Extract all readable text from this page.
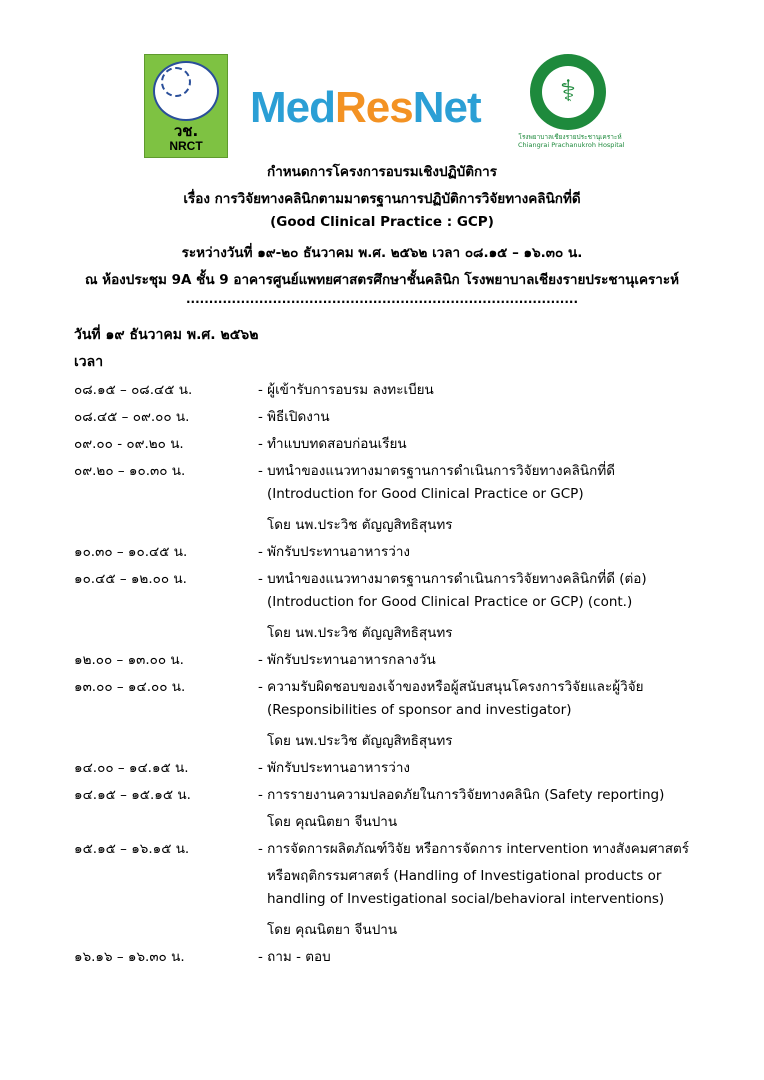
วช.
NRCT
MedResNet	⚕
โรงพยาบาลเชียงรายประชานุเคราะห์
Chiangrai Prachanukroh Hospital
กำหนดการโครงการอบรมเชิงปฏิบัติการ
เรื่อง การวิจัยทางคลินิกตามมาตรฐานการปฏิบัติการวิจัยทางคลินิกที่ดี
(Good Clinical Practice : GCP)
ระหว่างวันที่ ๑๙-๒๐ ธันวาคม พ.ศ. ๒๕๖๒ เวลา ๐๘.๑๕ – ๑๖.๓๐ น.
ณ ห้องประชุม 9A ชั้น 9 อาคารศูนย์แพทยศาสตรศึกษาชั้นคลินิก โรงพยาบาลเชียงรายประชานุเคราะห์
......................................................................................
วันที่ ๑๙ ธันวาคม พ.ศ. ๒๕๖๒
เวลา
๐๘.๑๕ – ๐๘.๔๕ น.	- ผู้เข้ารับการอบรม ลงทะเบียน
๐๘.๔๕ – ๐๙.๐๐ น.	- พิธีเปิดงาน
๐๙.๐๐ - ๐๙.๒๐ น.	- ทำแบบทดสอบก่อนเรียน
๐๙.๒๐ – ๑๐.๓๐ น.	- บทนำของแนวทางมาตรฐานการดำเนินการวิจัยทางคลินิกที่ดี
(Introduction for Good Clinical Practice or GCP)
โดย นพ.ประวิช ตัญญสิทธิสุนทร
๑๐.๓๐ – ๑๐.๔๕ น.	- พักรับประทานอาหารว่าง
๑๐.๔๕ – ๑๒.๐๐ น.	- บทนำของแนวทางมาตรฐานการดำเนินการวิจัยทางคลินิกที่ดี (ต่อ)
(Introduction for Good Clinical Practice or GCP) (cont.)
โดย นพ.ประวิช ตัญญสิทธิสุนทร
๑๒.๐๐ – ๑๓.๐๐ น.	- พักรับประทานอาหารกลางวัน
๑๓.๐๐ – ๑๔.๐๐ น.	- ความรับผิดชอบของเจ้าของหรือผู้สนับสนุนโครงการวิจัยและผู้วิจัย
(Responsibilities of sponsor and investigator)
โดย นพ.ประวิช ตัญญสิทธิสุนทร
๑๔.๐๐ – ๑๔.๑๕ น.	- พักรับประทานอาหารว่าง
๑๔.๑๕ – ๑๕.๑๕ น.	- การรายงานความปลอดภัยในการวิจัยทางคลินิก (Safety reporting)
โดย คุณนิตยา จีนปาน
๑๕.๑๕ – ๑๖.๑๕ น.	- การจัดการผลิตภัณฑ์วิจัย หรือการจัดการ intervention ทางสังคมศาสตร์
หรือพฤติกรรมศาสตร์ (Handling of Investigational products or
handling of Investigational social/behavioral interventions)
โดย คุณนิตยา จีนปาน
๑๖.๑๖ – ๑๖.๓๐ น.	- ถาม - ตอบ
